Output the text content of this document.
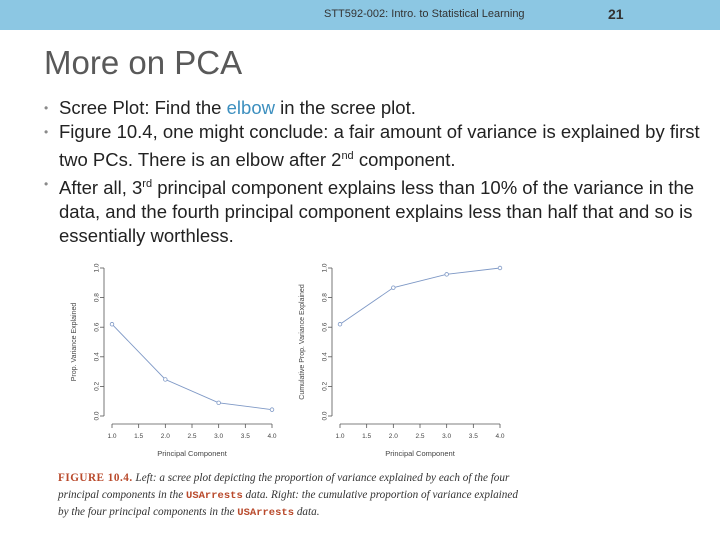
STT592-002: Intro. to Statistical Learning	21
More on PCA

• Scree Plot: Find the elbow in the scree plot.

• Figure 10.4, one might conclude: a fair amount of variance is explained by first two PCs. There is an elbow after 2nd component.

• After all, 3rd principal component explains less than 10% of the variance in the data, and the fourth principal component explains less than half that and so is essentially worthless.

0.0
0.2
0.4
0.6
0.8
1.0
1.0	1.5	2.0	2.5	3.0	3.5	4.0
Principal Component
Prop. Variance Explained
0.0
0.2
0.4
0.6
0.8
1.0
1.0	1.5	2.0	2.5	3.0	3.5	4.0
Principal Component
Cumulative Prop. Variance Explained
FIGURE 10.4. Left: a scree plot depicting the proportion of variance explained by each of the four principal components in the USArrests data. Right: the cumulative proportion of variance explained by the four principal components in the USArrests data.
